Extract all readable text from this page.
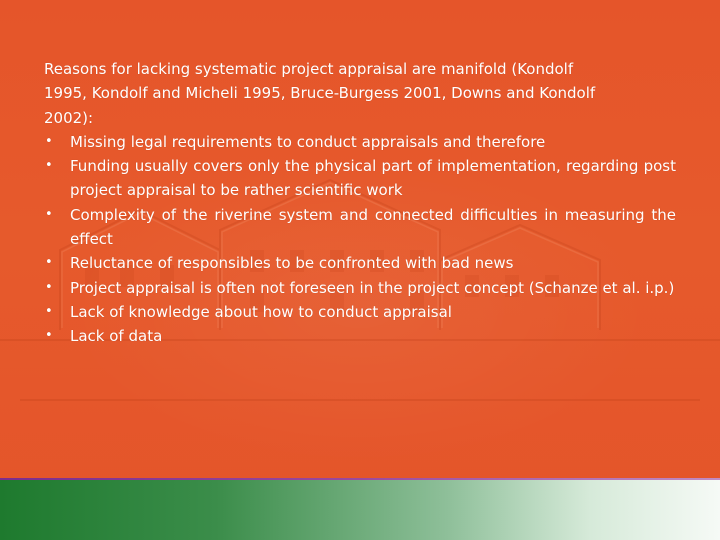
Reasons for lacking systematic project appraisal are manifold (Kondolf 1995, Kondolf and Micheli 1995, Bruce-Burgess 2001, Downs and Kondolf 2002):

• Missing legal requirements to conduct appraisals and therefore
• Funding usually covers only the physical part of implementation, regarding post project appraisal to be rather scientific work
• Complexity of the riverine system and connected difficulties in measuring the effect
• Reluctance of responsibles to be confronted with bad news
• Project appraisal is often not foreseen in the project concept (Schanze et al. i.p.)
• Lack of knowledge about how to conduct appraisal
• Lack of data
